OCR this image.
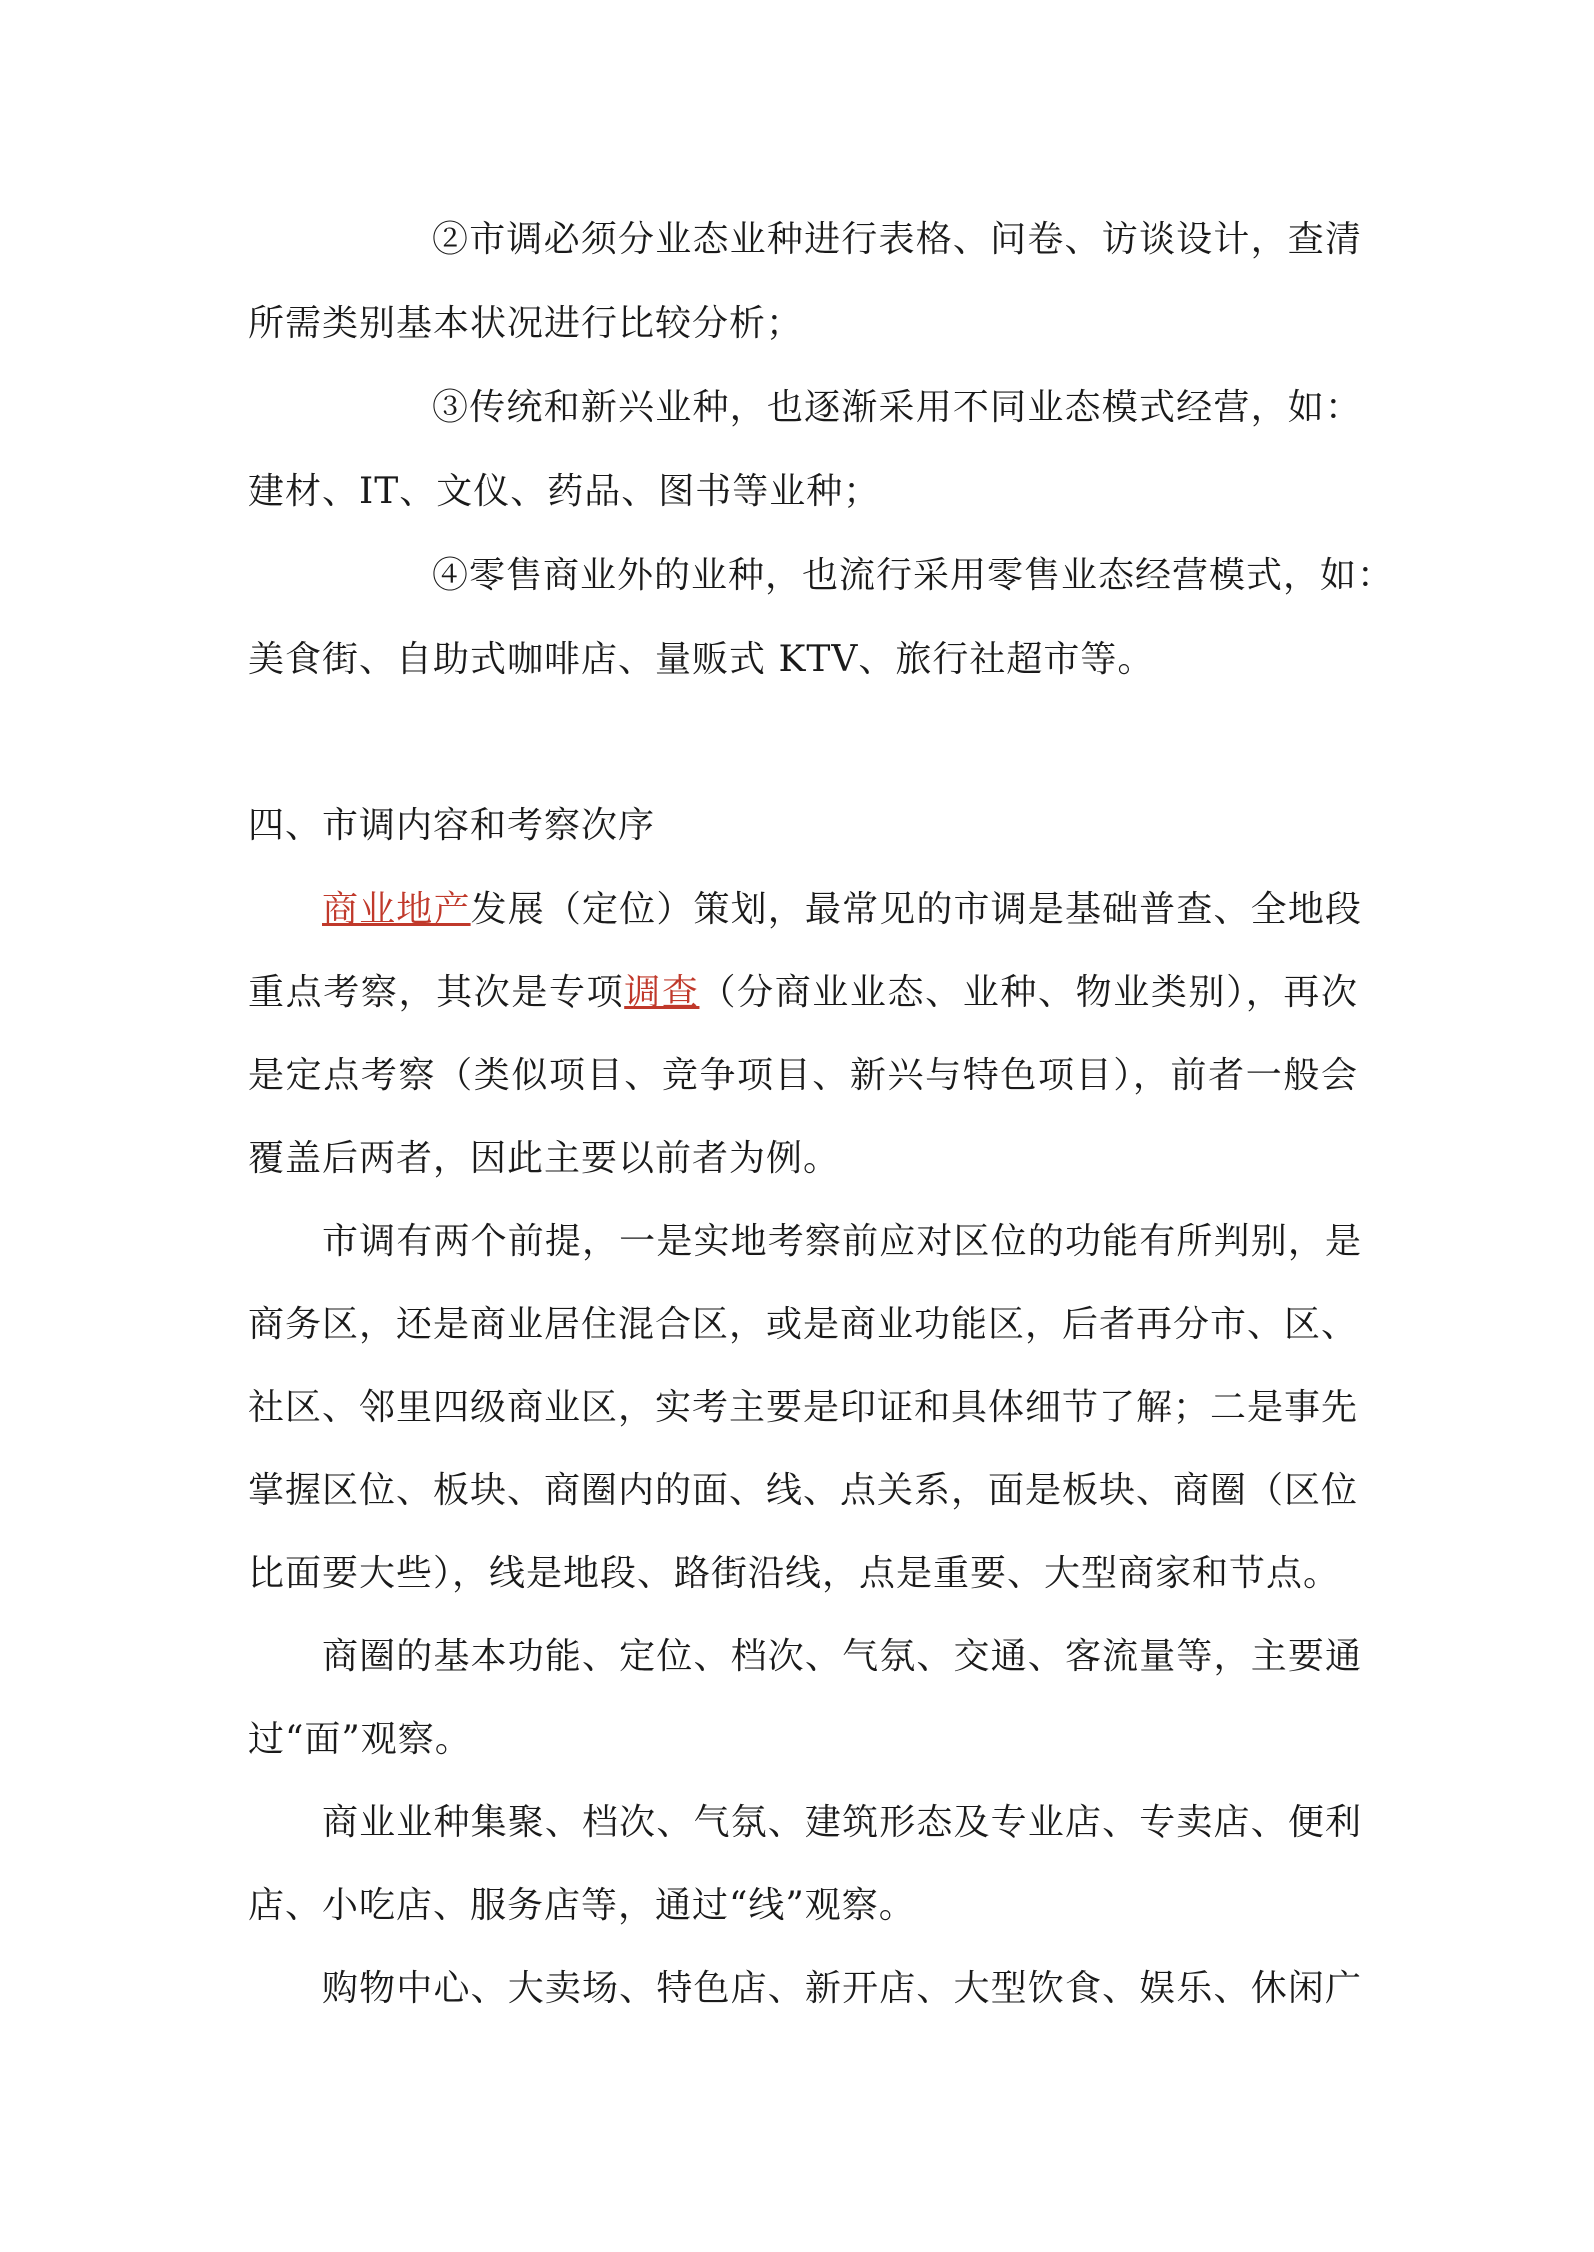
②市调必须分业态业种进行表格、问卷、访谈设计，查清
所需类别基本状况进行比较分析；
③传统和新兴业种，也逐渐采用不同业态模式经营，如：
建材、IT、文仪、药品、图书等业种；
④零售商业外的业种，也流行采用零售业态经营模式，如：
美食街、自助式咖啡店、量贩式 KTV、旅行社超市等。
四、市调内容和考察次序
商业地产发展（定位）策划，最常见的市调是基础普查、全地段
重点考察，其次是专项调查（分商业业态、业种、物业类别），再次
是定点考察（类似项目、竞争项目、新兴与特色项目），前者一般会
覆盖后两者，因此主要以前者为例。
市调有两个前提，一是实地考察前应对区位的功能有所判别，是
商务区，还是商业居住混合区，或是商业功能区，后者再分市、区、
社区、邻里四级商业区，实考主要是印证和具体细节了解；二是事先
掌握区位、板块、商圈内的面、线、点关系，面是板块、商圈（区位
比面要大些），线是地段、路街沿线，点是重要、大型商家和节点。
商圈的基本功能、定位、档次、气氛、交通、客流量等，主要通
过“面”观察。
商业业种集聚、档次、气氛、建筑形态及专业店、专卖店、便利
店、小吃店、服务店等，通过“线”观察。
购物中心、大卖场、特色店、新开店、大型饮食、娱乐、休闲广
